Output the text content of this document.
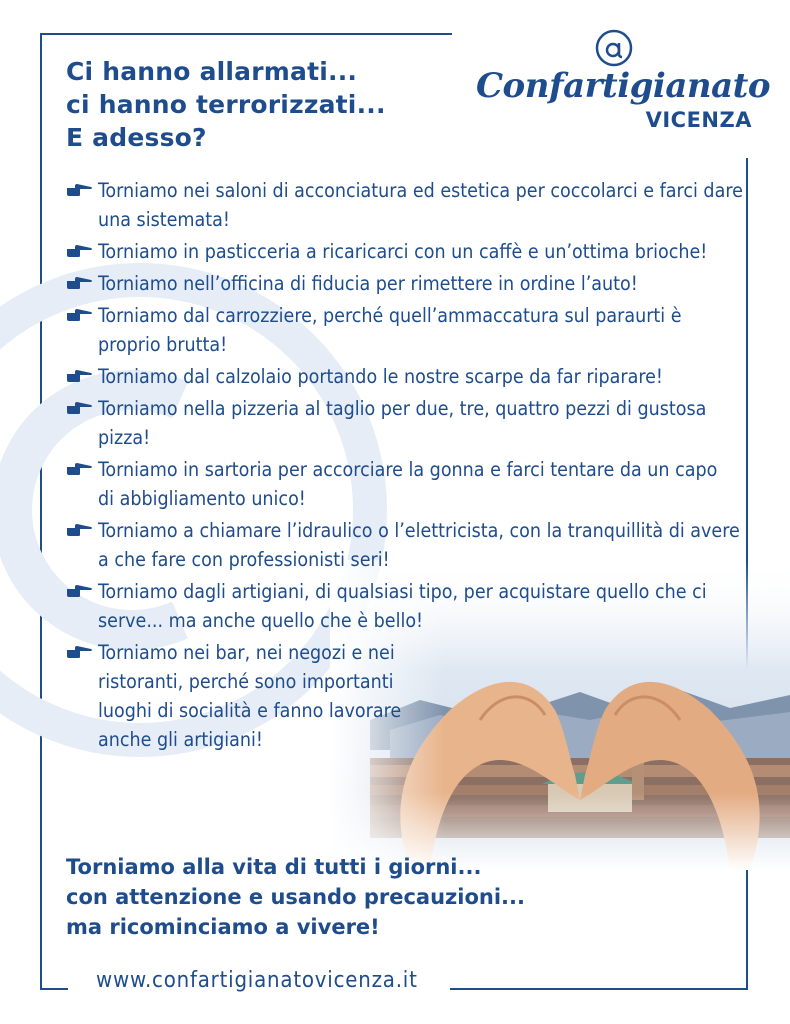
Ci hanno allarmati...
ci hanno terrorizzati...
E adesso?
Confartigianato
VICENZA
Torniamo nei saloni di acconciatura ed estetica per coccolarci e farci dare una sistemata!
Torniamo in pasticceria a ricaricarci con un caffè e un’ottima brioche!
Torniamo nell’officina di fiducia per rimettere in ordine l’auto!
Torniamo dal carrozziere, perché quell’ammaccatura sul paraurti è proprio brutta!
Torniamo dal calzolaio portando le nostre scarpe da far riparare!
Torniamo nella pizzeria al taglio per due, tre, quattro pezzi di gustosa pizza!
Torniamo in sartoria per accorciare la gonna e farci tentare da un capo di abbigliamento unico!
Torniamo a chiamare l’idraulico o l’elettricista, con la tranquillità di avere a che fare con professionisti seri!
Torniamo dagli artigiani, di qualsiasi tipo, per acquistare quello che ci serve... ma anche quello che è bello!
Torniamo nei bar, nei negozi e nei ristoranti, perché sono importanti luoghi di socialità e fanno lavorare anche gli artigiani!

Torniamo alla vita di tutti i giorni...
con attenzione e usando precauzioni...
ma ricominciamo a vivere!

www.confartigianatovicenza.it
